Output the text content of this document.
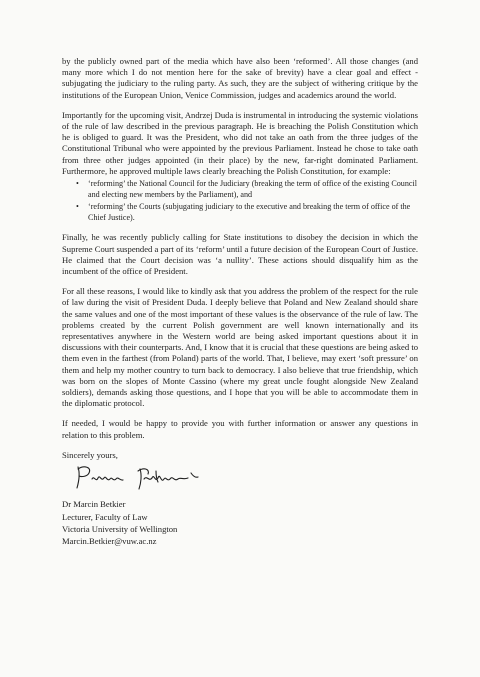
by the publicly owned part of the media which have also been ‘reformed’. All those changes (and many more which I do not mention here for the sake of brevity) have a clear goal and effect - subjugating the judiciary to the ruling party. As such, they are the subject of withering critique by the institutions of the European Union, Venice Commission, judges and academics around the world.

Importantly for the upcoming visit, Andrzej Duda is instrumental in introducing the systemic violations of the rule of law described in the previous paragraph. He is breaching the Polish Constitution which he is obliged to guard. It was the President, who did not take an oath from the three judges of the Constitutional Tribunal who were appointed by the previous Parliament. Instead he chose to take oath from three other judges appointed (in their place) by the new, far-right dominated Parliament. Furthermore, he approved multiple laws clearly breaching the Polish Constitution, for example:

• ‘reforming’ the National Council for the Judiciary (breaking the term of office of the existing Council and electing new members by the Parliament), and
• ‘reforming’ the Courts (subjugating judiciary to the executive and breaking the term of office of the Chief Justice).

Finally, he was recently publicly calling for State institutions to disobey the decision in which the Supreme Court suspended a part of its ‘reform’ until a future decision of the European Court of Justice. He claimed that the Court decision was ‘a nullity’. These actions should disqualify him as the incumbent of the office of President.

For all these reasons, I would like to kindly ask that you address the problem of the respect for the rule of law during the visit of President Duda. I deeply believe that Poland and New Zealand should share the same values and one of the most important of these values is the observance of the rule of law. The problems created by the current Polish government are well known internationally and its representatives anywhere in the Western world are being asked important questions about it in discussions with their counterparts. And, I know that it is crucial that these questions are being asked to them even in the farthest (from Poland) parts of the world. That, I believe, may exert ‘soft pressure’ on them and help my mother country to turn back to democracy. I also believe that true friendship, which was born on the slopes of Monte Cassino (where my great uncle fought alongside New Zealand soldiers), demands asking those questions, and I hope that you will be able to accommodate them in the diplomatic protocol.

If needed, I would be happy to provide you with further information or answer any questions in relation to this problem.

Sincerely yours,
Dr Marcin Betkier
Lecturer, Faculty of Law
Victoria University of Wellington
Marcin.Betkier@vuw.ac.nz
